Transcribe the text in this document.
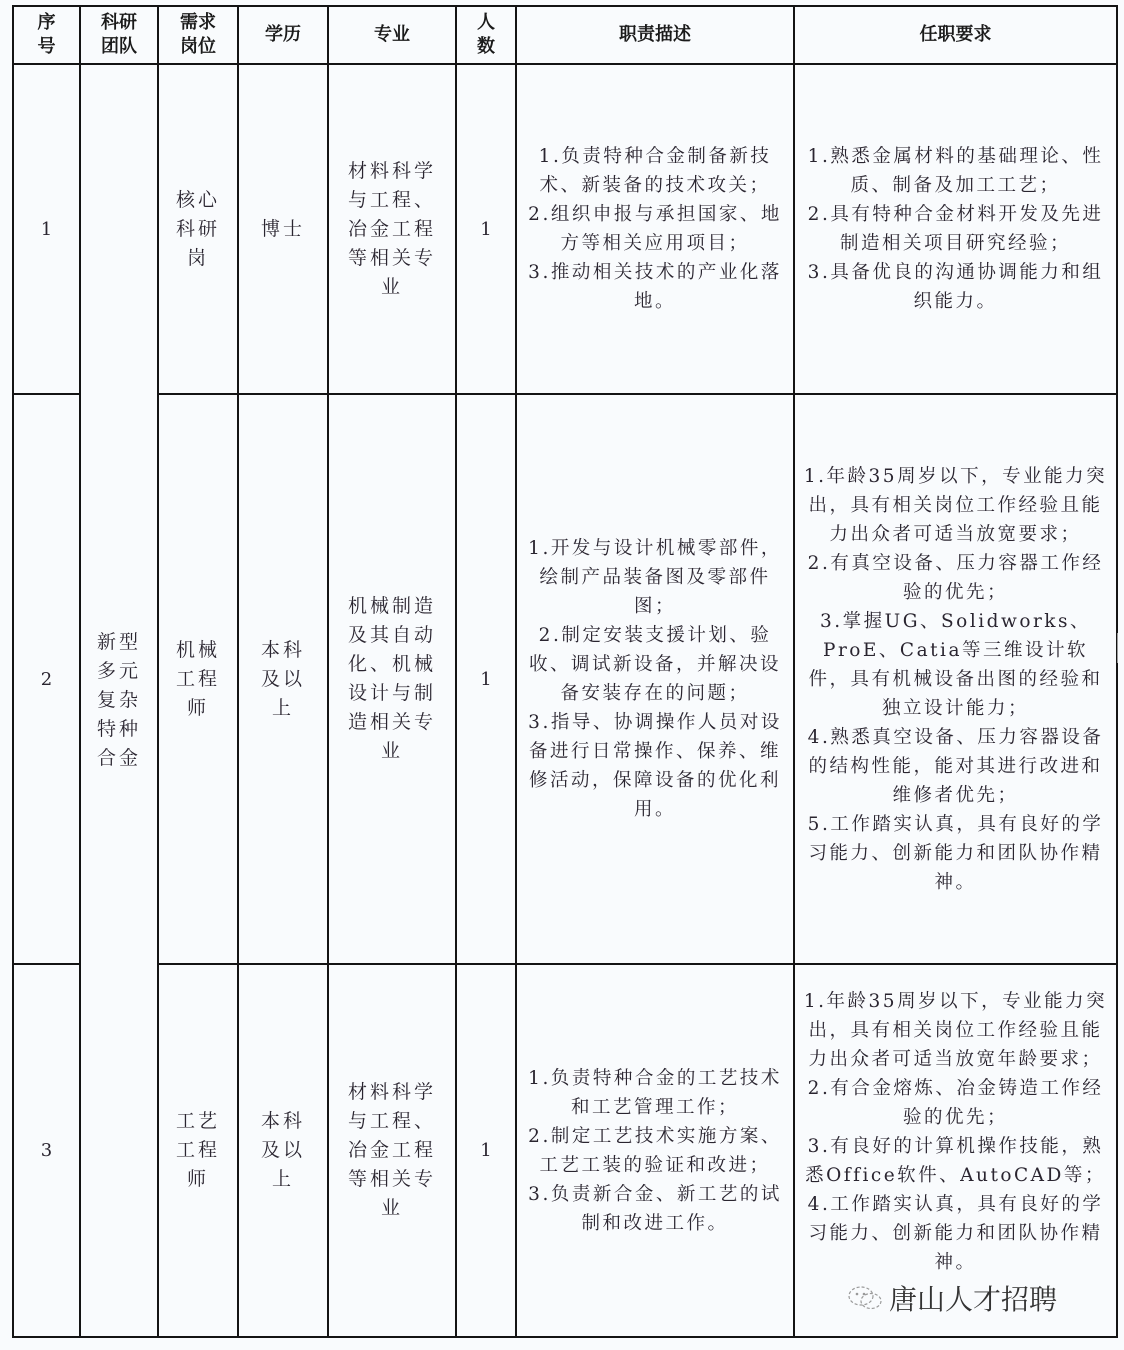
序号	科研团队	需求岗位	学历	专业	人数	职责描述	任职要求
1	新型多元复杂特种合金	核心科研岗	博士	材料科学与工程、冶金工程等相关专业	1	1.负责特种合金制备新技术、新装备的技术攻关；
2.组织申报与承担国家、地方等相关应用项目；
3.推动相关技术的产业化落地。	1.熟悉金属材料的基础理论、性质、制备及加工工艺；
2.具有特种合金材料开发及先进制造相关项目研究经验；
3.具备优良的沟通协调能力和组织能力。

2		机械工程师	本科及以上	机械制造及其自动化、机械设计与制造相关专业	1	1.开发与设计机械零部件，绘制产品装备图及零部件图；
2.制定安装支援计划、验收、调试新设备，并解决设备安装存在的问题；
3.指导、协调操作人员对设备进行日常操作、保养、维修活动，保障设备的优化利用。	1.年龄35周岁以下，专业能力突出，具有相关岗位工作经验且能力出众者可适当放宽要求；
2.有真空设备、压力容器工作经验的优先；
3.掌握UG、Solidworks、ProE、Catia等三维设计软件，具有机械设备出图的经验和独立设计能力；
4.熟悉真空设备、压力容器设备的结构性能，能对其进行改进和维修者优先；
5.工作踏实认真，具有良好的学习能力、创新能力和团队协作精神。

3		工艺工程师	本科及以上	材料科学与工程、冶金工程等相关专业	1	1.负责特种合金的工艺技术和工艺管理工作；
2.制定工艺技术实施方案、工艺工装的验证和改进；
3.负责新合金、新工艺的试制和改进工作。	1.年龄35周岁以下，专业能力突出，具有相关岗位工作经验且能力出众者可适当放宽年龄要求；
2.有合金熔炼、冶金铸造工作经验的优先；
3.有良好的计算机操作技能，熟悉Office软件、AutoCAD等；
4.工作踏实认真，具有良好的学习能力、创新能力和团队协作精神。
唐山人才招聘
